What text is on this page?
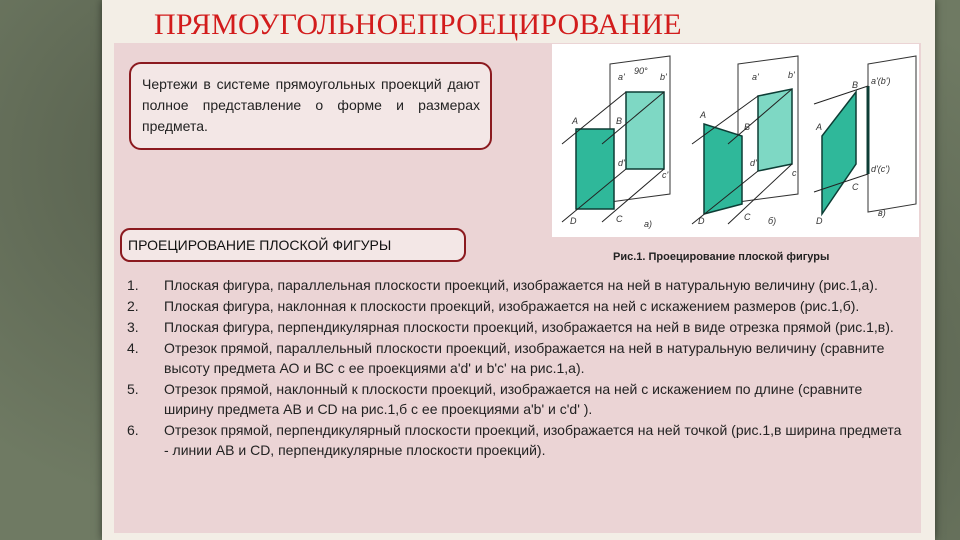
ПРЯМОУГОЛЬНОЕПРОЕЦИРОВАНИЕ

Чертежи в системе прямоугольных проекций дают полное представление о форме и размерах предмета.

ПРОЕЦИРОВАНИЕ ПЛОСКОЙ ФИГУРЫ
A	B
C
D
a'	b'
c'
d'
90°
а)
A
B
C
D
a'	b'
c'
d'
б)
A
B
C
D
a'(b')
d'(c')
в)
Рис.1. Проецирование плоской фигуры
1. Плоская фигура, параллельная плоскости проекций, изображается на ней в натуральную величину (рис.1,а).
2. Плоская фигура, наклонная к плоскости проекций, изображается на ней с искажением размеров (рис.1,б).
3. Плоская фигура, перпендикулярная плоскости проекций, изображается на ней в виде отрезка прямой (рис.1,в).
4. Отрезок прямой, параллельный плоскости проекций, изображается на ней в натуральную величину (сравните высоту предмета АО и ВС с ее проекциями a'd' и b'c' на рис.1,а).
5. Отрезок прямой, наклонный к плоскости проекций, изображается на ней с искажением по длине (сравните ширину предмета АВ и CD на рис.1,б с ее проекциями a'b' и c'd' ).
6. Отрезок прямой, перпендикулярный плоскости проекций, изображается на ней точкой (рис.1,в ширина предмета - линии АВ и CD, перпендикулярные плоскости проекций).
